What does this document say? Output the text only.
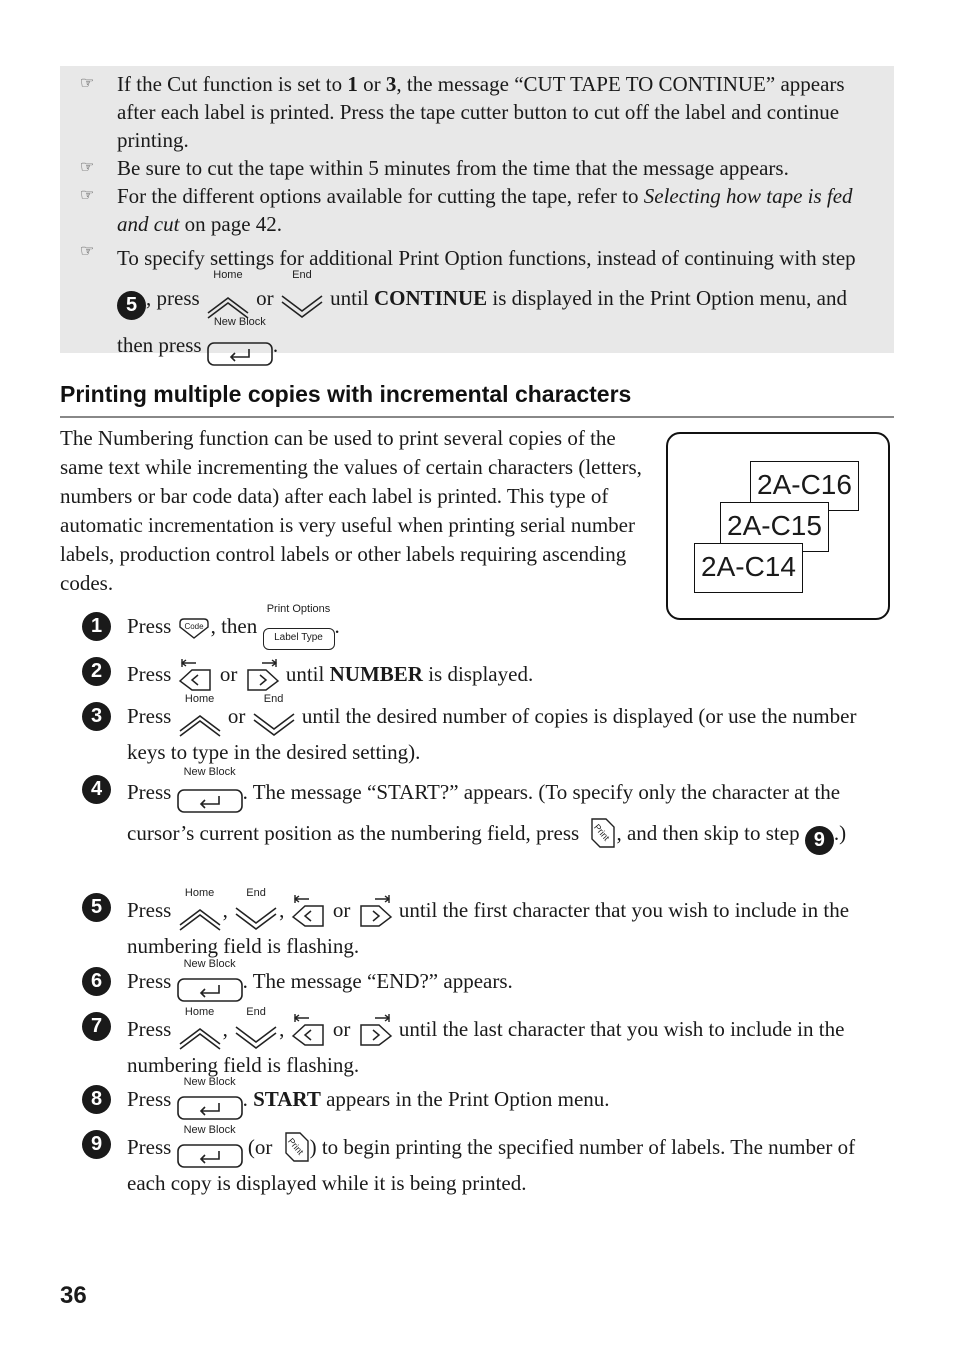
☞ If the Cut function is set to 1 or 3, the message “CUT TAPE TO CONTINUE” appears after each label is printed. Press the tape cutter button to cut off the label and continue printing.
☞ Be sure to cut the tape within 5 minutes from the time that the message appears.
☞ For the different options available for cutting the tape, refer to Selecting how tape is fed and cut on page 42.
☞ To specify settings for additional Print Option functions, instead of continuing with step 5 , press
Home
or
End
until CONTINUE is displayed in the Print Option menu, and then press
New Block
.
Printing multiple copies with incremental characters

The Numbering function can be used to print several copies of the same text while incrementing the values of certain characters (letters, numbers or bar code data) after each label is printed. This type of automatic incrementation is very useful when printing serial number labels, production control labels or other labels requiring ascending codes.

2A-C16
2A-C15
2A-C14
1	Press Code , then
Print Options
Label Type .
2	Press  or  until NUMBER is displayed.
3	Press
Home
or
End
until the desired number of copies is displayed (or use the number keys to type in the desired setting).
4	Press
New Block
. The message “START?” appears. (To specify only the character at the cursor’s current position as the numbering field, press Print , and then skip to step 9 .)
5	Press
Home
,
End
,  or  until the first character that you wish to include in the numbering field is flashing.
6	Press
New Block
. The message “END?” appears.
7	Press
Home
,
End
,  or  until the last character that you wish to include in the numbering field is flashing.
8	Press
New Block
. START appears in the Print Option menu.
9	Press
New Block
(or Print ) to begin printing the specified number of labels. The number of each copy is displayed while it is being printed.
36
